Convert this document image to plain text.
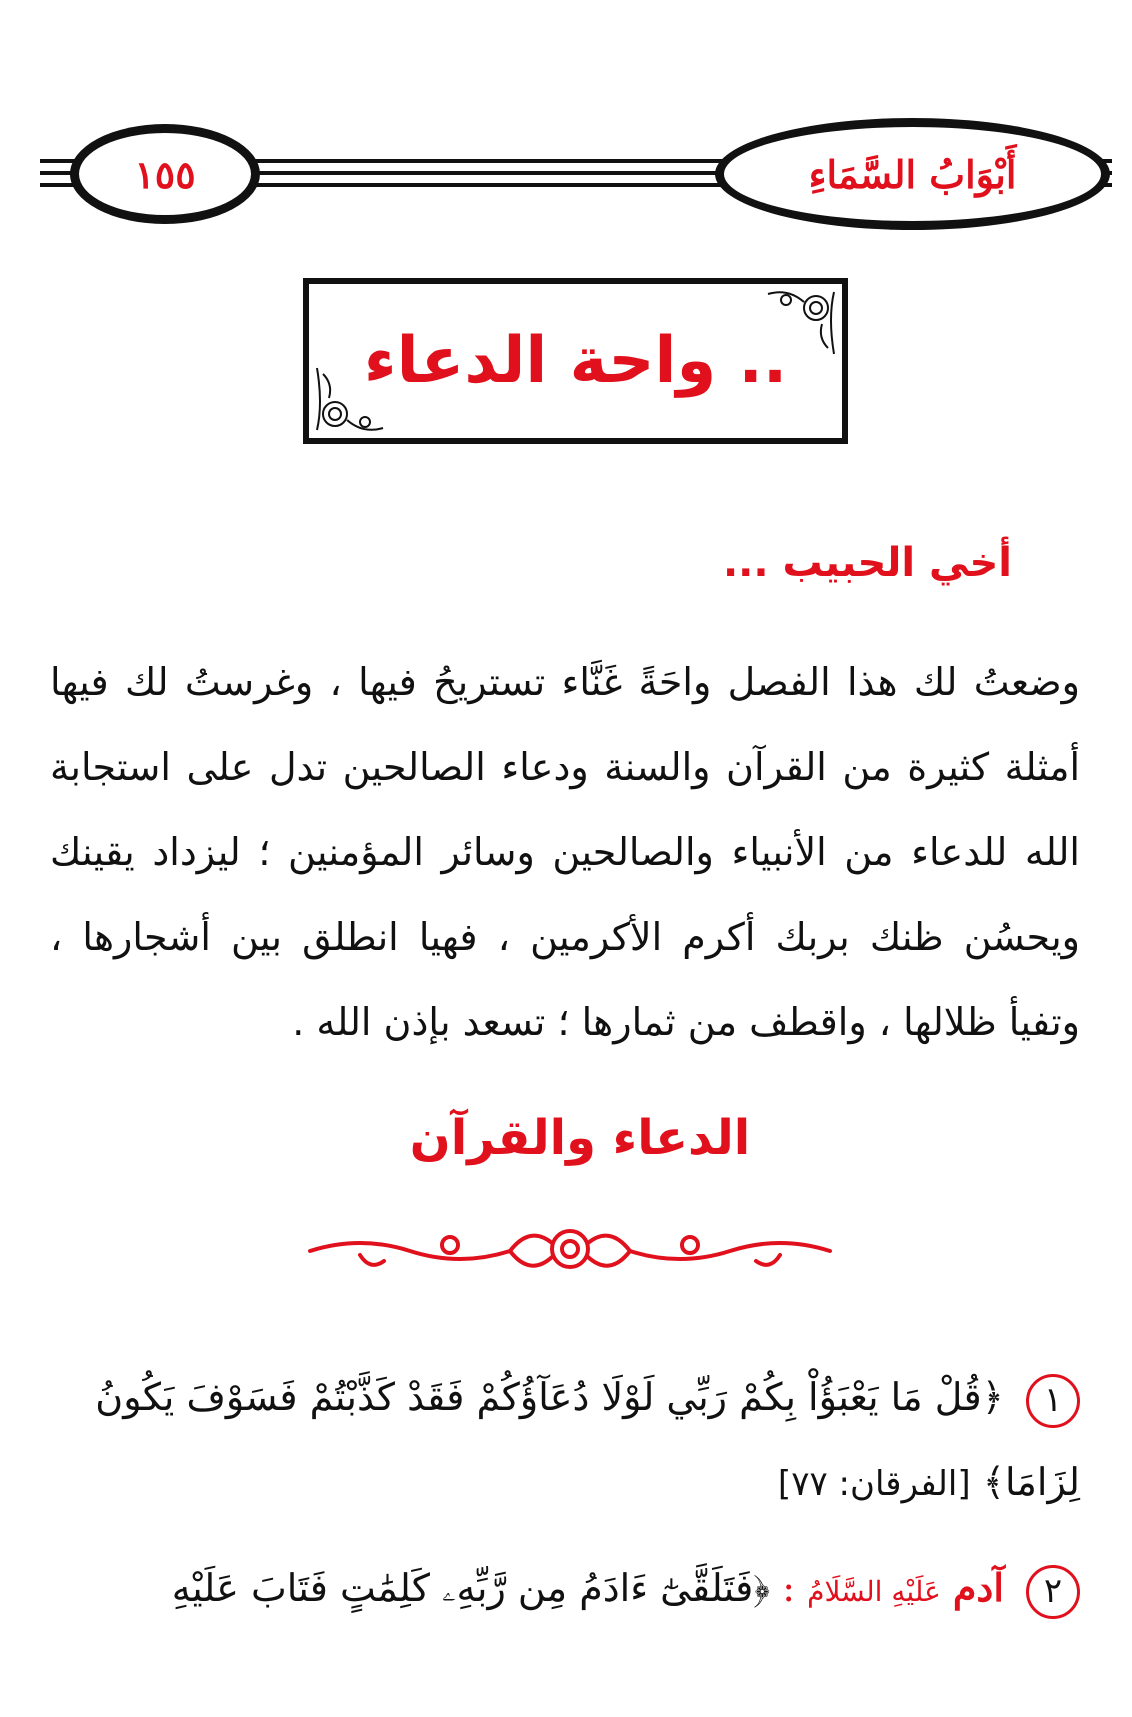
١٥٥	أَبْوَابُ السَّمَاءِ
واحة الدعاء ..
أخي الحبيب ...
وضعتُ لك هذا الفصل واحَةً غَنَّاء تستريحُ فيها ، وغرستُ لك فيها أمثلة كثيرة من القرآن والسنة ودعاء الصالحين تدل على استجابة الله للدعاء من الأنبياء والصالحين وسائر المؤمنين ؛ ليزداد يقينك ويحسُن ظنك بربك أكرم الأكرمين ، فهيا انطلق بين أشجارها ، وتفيأ ظلالها ، واقطف من ثمارها ؛ تسعد بإذن الله .
الدعاء والقرآن
١ ﴿قُلْ مَا يَعْبَؤُاْ بِكُمْ رَبِّي لَوْلَا دُعَآؤُكُمْ فَقَدْ كَذَّبْتُمْ فَسَوْفَ يَكُونُ لِزَامَا﴾ [الفرقان: ٧٧]
٢ آدم عَلَيْهِ السَّلَامُ : ﴿فَتَلَقَّىٰٓ ءَادَمُ مِن رَّبِّهِۦ كَلِمَٰتٍ فَتَابَ عَلَيْهِ
